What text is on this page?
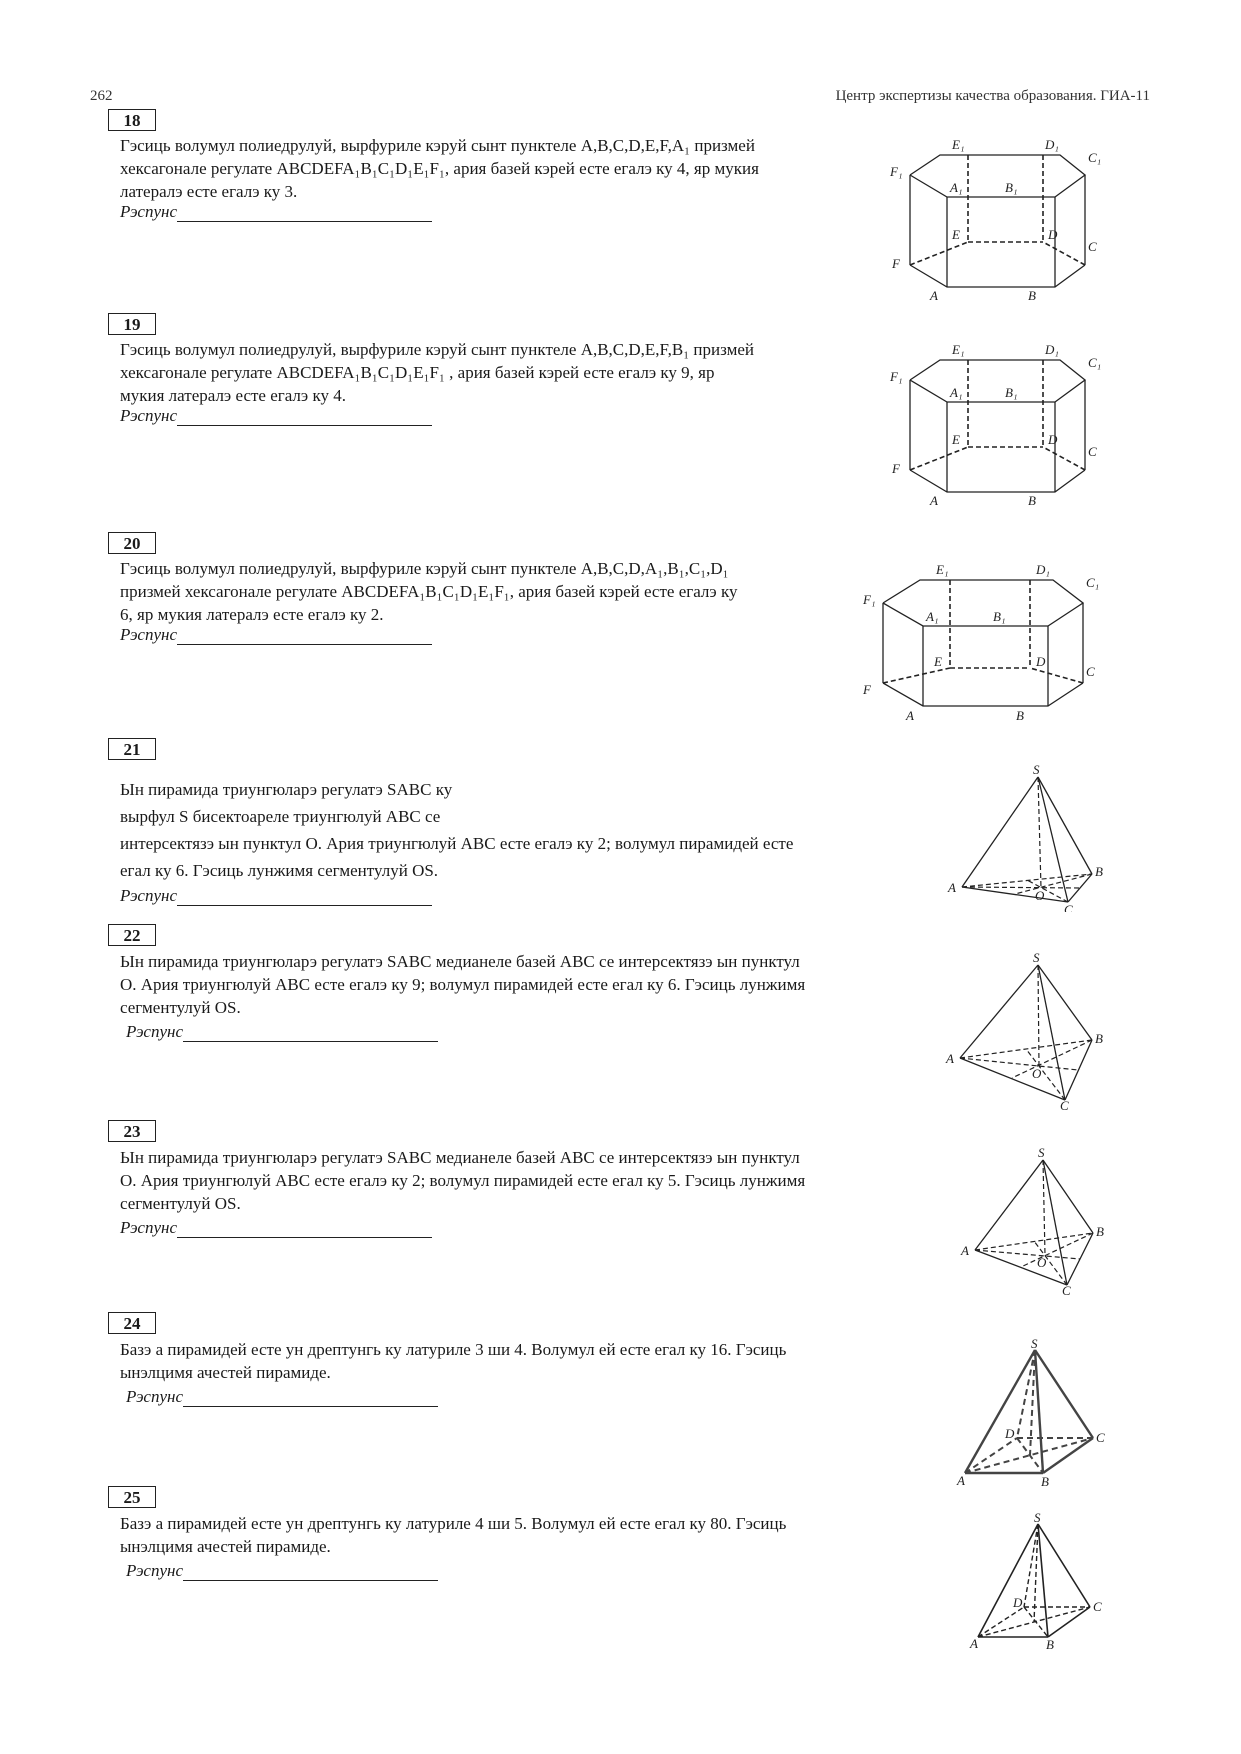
262	Центр экспертизы качества образования. ГИА-11
18

Гэсиць волумул полиедрулуй, вырфуриле кэруй сынт пунктеле A,B,C,D,E,F,A₁ призмей

хексагонале регулате ABCDEFA₁B₁C₁D₁E₁F₁, ария базей кэрей есте егалэ ку 4, яр мукия

латералэ есте егалэ ку 3.

Рэспунс
E₁	D₁
C₁
F₁
A₁	B₁
E	D
C
F
A	B
19

Гэсиць волумул полиедрулуй, вырфуриле кэруй сынт пунктеле A,B,C,D,E,F,B₁ призмей

хексагонале регулате ABCDEFA₁B₁C₁D₁E₁F₁ , ария базей кэрей есте егалэ ку 9, яр

мукия латералэ есте егалэ ку 4.

Рэспунс
E₁	D₁
C₁
F₁
A₁	B₁
E	D
C
F
A	B
20

Гэсиць волумул полиедрулуй, вырфуриле кэруй сынт пунктеле A,B,C,D,A₁,B₁,C₁,D₁

призмей хексагонале регулате ABCDEFA₁B₁C₁D₁E₁F₁, ария базей кэрей есте егалэ ку

6, яр мукия латералэ есте егалэ ку 2.

Рэспунс
E₁	D₁
C₁
F₁
A₁	B₁
E	D
C
F
A	B
21

Ын пирамида триунгюларэ регулатэ SABC ку

вырфул S бисектоареле триунгюлуй ABC се

интерсектязэ ын пунктул O. Ария триунгюлуй ABC есте егалэ ку 2; волумул пирамидей есте

егал ку 6. Гэсиць лунжимя сегментулуй OS.

Рэспунс
S
A
B
C
O
22

Ын пирамида триунгюларэ регулатэ SABC медианеле базей ABC се интерсектязэ ын пунктул

О. Ария триунгюлуй ABC есте егалэ ку 9; волумул пирамидей есте егал ку 6. Гэсиць лунжимя

сегментулуй OS.

Рэспунс
S
A
B
C
O
23

Ын пирамида триунгюларэ регулатэ SABC медианеле базей ABC се интерсектязэ ын пунктул

О. Ария триунгюлуй ABC есте егалэ ку 2; волумул пирамидей есте егал ку 5. Гэсиць лунжимя

сегментулуй OS.

Рэспунс
S
A
B
C
O
24

Базэ а пирамидей есте ун дрептунгь ку латуриле 3 ши 4. Волумул ей есте егал ку 16. Гэсиць

ынэлцимя ачестей пирамиде.

Рэспунс
S
D	C
A	B
25

Базэ а пирамидей есте ун дрептунгь ку латуриле 4 ши 5. Волумул ей есте егал ку 80. Гэсиць

ынэлцимя ачестей пирамиде.

Рэспунс
S
D	C
A	B
